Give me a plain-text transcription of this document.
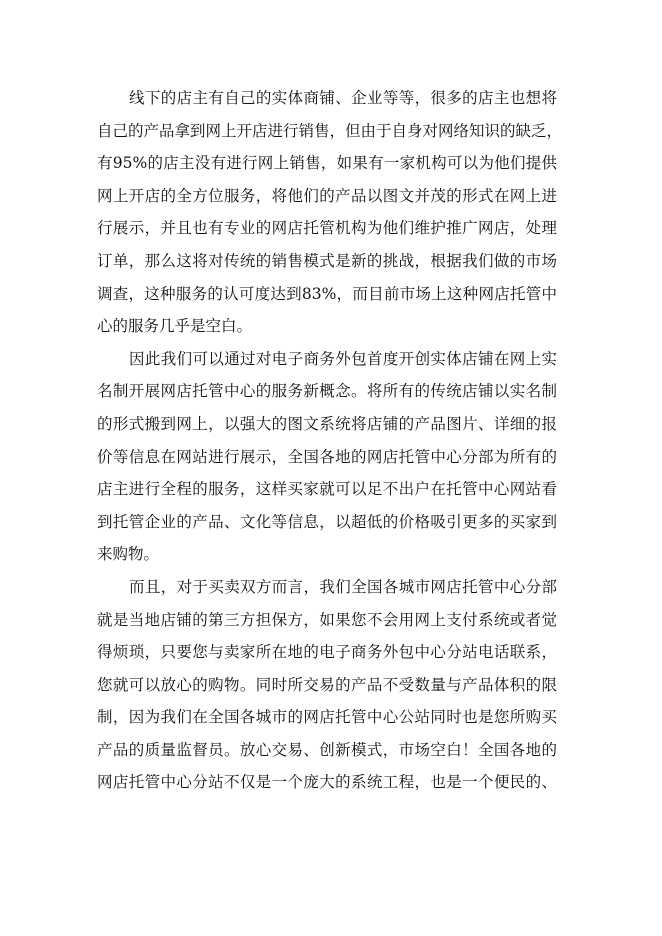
线下的店主有自己的实体商铺、企业等等，很多的店主也想将
自己的产品拿到网上开店进行销售，但由于自身对网络知识的缺乏，
有95%的店主没有进行网上销售，如果有一家机构可以为他们提供
网上开店的全方位服务，将他们的产品以图文并茂的形式在网上进
行展示，并且也有专业的网店托管机构为他们维护推广网店，处理
订单，那么这将对传统的销售模式是新的挑战，根据我们做的市场
调查，这种服务的认可度达到83%，而目前市场上这种网店托管中
心的服务几乎是空白。
因此我们可以通过对电子商务外包首度开创实体店铺在网上实
名制开展网店托管中心的服务新概念。将所有的传统店铺以实名制
的形式搬到网上，以强大的图文系统将店铺的产品图片、详细的报
价等信息在网站进行展示，全国各地的网店托管中心分部为所有的
店主进行全程的服务，这样买家就可以足不出户在托管中心网站看
到托管企业的产品、文化等信息，以超低的价格吸引更多的买家到
来购物。
而且，对于买卖双方而言，我们全国各城市网店托管中心分部
就是当地店铺的第三方担保方，如果您不会用网上支付系统或者觉
得烦琐，只要您与卖家所在地的电子商务外包中心分站电话联系，
您就可以放心的购物。同时所交易的产品不受数量与产品体积的限
制，因为我们在全国各城市的网店托管中心公站同时也是您所购买
产品的质量监督员。放心交易、创新模式，市场空白！全国各地的
网店托管中心分站不仅是一个庞大的系统工程，也是一个便民的、
